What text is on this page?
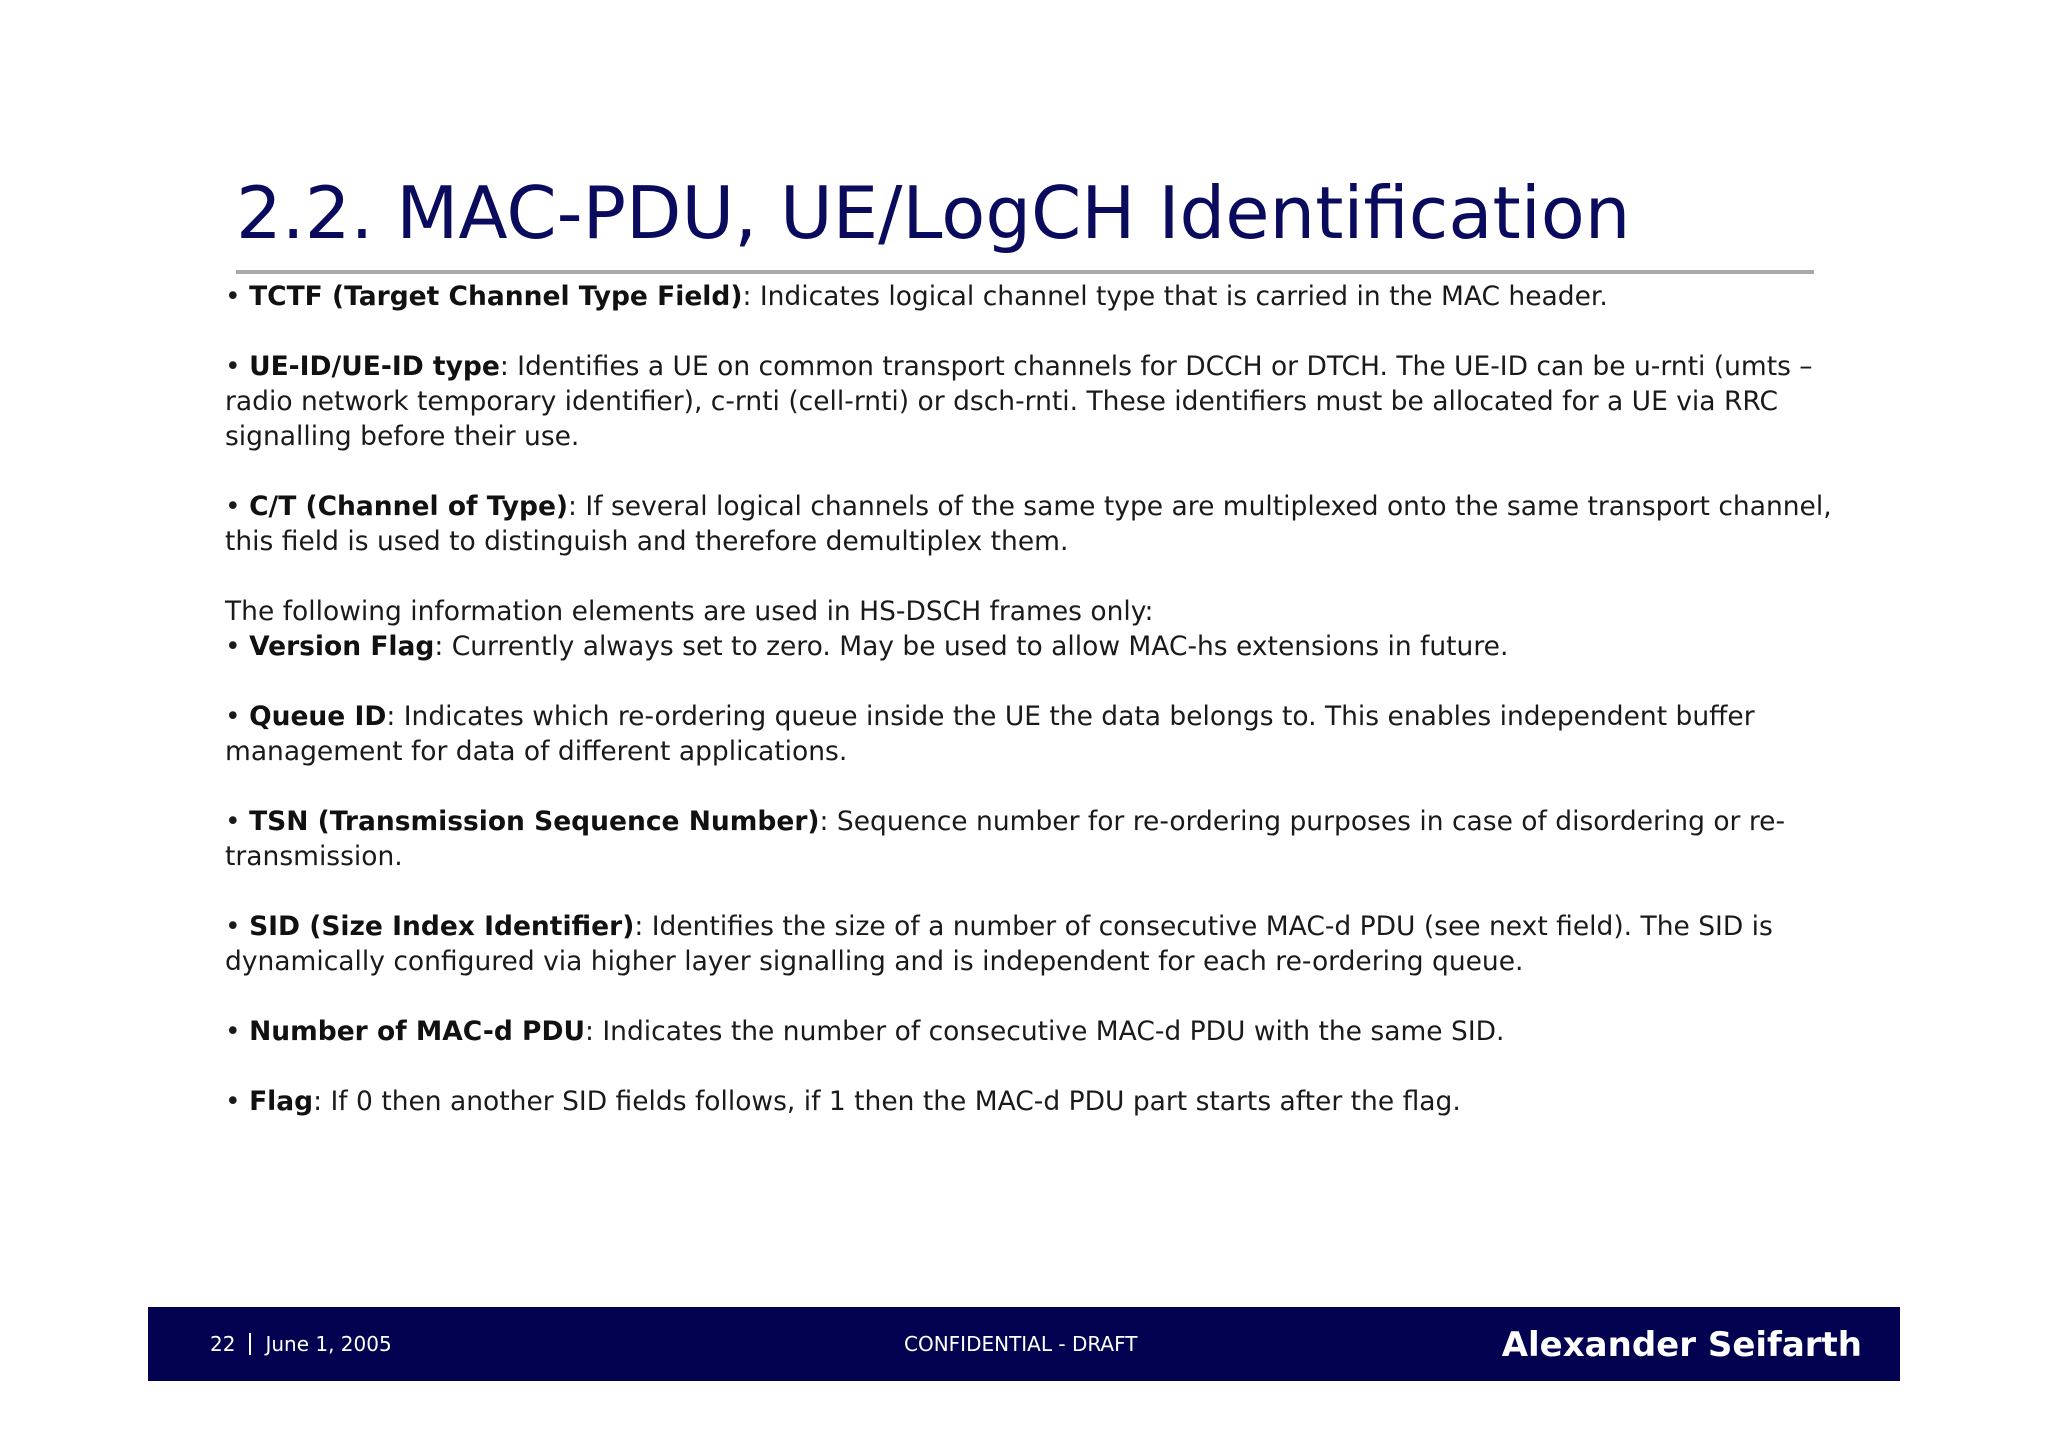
2.2. MAC-PDU, UE/LogCH Identification

• TCTF (Target Channel Type Field): Indicates logical channel type that is carried in the MAC header.

• UE-ID/UE-ID type: Identifies a UE on common transport channels for DCCH or DTCH. The UE-ID can be u-rnti (umts – radio network temporary identifier), c-rnti (cell-rnti) or dsch-rnti. These identifiers must be allocated for a UE via RRC signalling before their use.

• C/T (Channel of Type): If several logical channels of the same type are multiplexed onto the same transport channel, this field is used to distinguish and therefore demultiplex them.

The following information elements are used in HS-DSCH frames only:

• Version Flag: Currently always set to zero. May be used to allow MAC-hs extensions in future.

• Queue ID: Indicates which re-ordering queue inside the UE the data belongs to. This enables independent buffer management for data of different applications.

• TSN (Transmission Sequence Number): Sequence number for re-ordering purposes in case of disordering or re-transmission.

• SID (Size Index Identifier): Identifies the size of a number of consecutive MAC-d PDU (see next field). The SID is dynamically configured via higher layer signalling and is independent for each re-ordering queue.

• Number of MAC-d PDU: Indicates the number of consecutive MAC-d PDU with the same SID.

• Flag: If 0 then another SID fields follows, if 1 then the MAC-d PDU part starts after the flag.

22 June 1, 2005	CONFIDENTIAL - DRAFT	Alexander Seifarth
